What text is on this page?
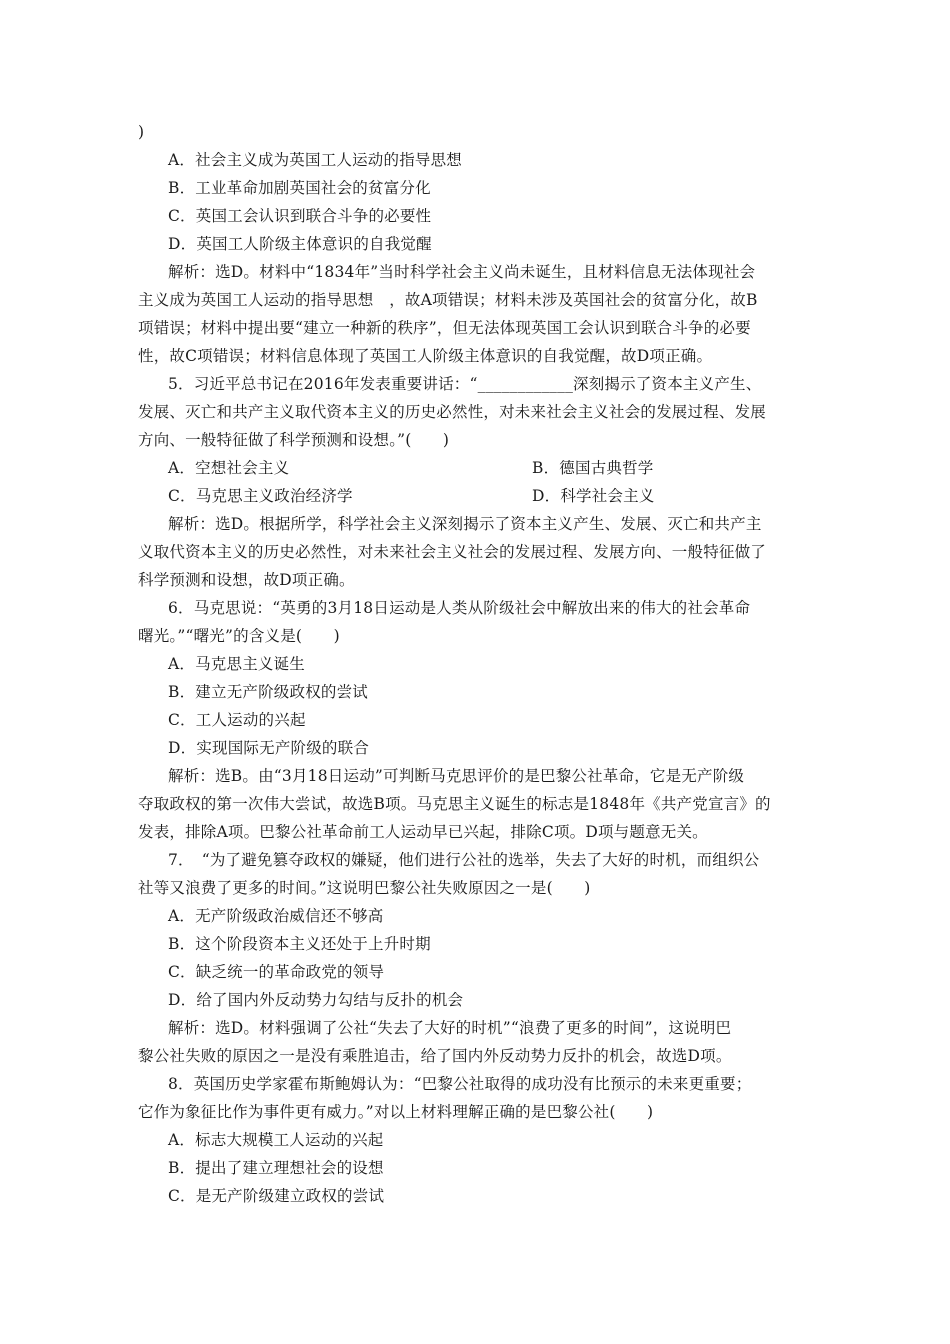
)
A．社会主义成为英国工人运动的指导思想
B．工业革命加剧英国社会的贫富分化
C．英国工会认识到联合斗争的必要性
D．英国工人阶级主体意识的自我觉醒
解析：选D。材料中“1834年”当时科学社会主义尚未诞生，且材料信息无法体现社会
主义成为英国工人运动的指导思想　，故A项错误；材料未涉及英国社会的贫富分化，故B
项错误；材料中提出要“建立一种新的秩序”，但无法体现英国工会认识到联合斗争的必要
性，故C项错误；材料信息体现了英国工人阶级主体意识的自我觉醒，故D项正确。
5．习近平总书记在2016年发表重要讲话：“____________深刻揭示了资本主义产生、
发展、灭亡和共产主义取代资本主义的历史必然性，对未来社会主义社会的发展过程、发展
方向、一般特征做了科学预测和设想。”(　　)
A．空想社会主义	B．德国古典哲学
C．马克思主义政治经济学	D．科学社会主义
解析：选D。根据所学，科学社会主义深刻揭示了资本主义产生、发展、灭亡和共产主
义取代资本主义的历史必然性，对未来社会主义社会的发展过程、发展方向、一般特征做了
科学预测和设想，故D项正确。
6．马克思说：“英勇的3月18日运动是人类从阶级社会中解放出来的伟大的社会革命
曙光。”“曙光”的含义是(　　)
A．马克思主义诞生
B．建立无产阶级政权的尝试
C．工人运动的兴起
D．实现国际无产阶级的联合
解析：选B。由“3月18日运动”可判断马克思评价的是巴黎公社革命，它是无产阶级
夺取政权的第一次伟大尝试，故选B项。马克思主义诞生的标志是1848年《共产党宣言》的
发表，排除A项。巴黎公社革命前工人运动早已兴起，排除C项。D项与题意无关。
7．　“为了避免篡夺政权的嫌疑，他们进行公社的选举，失去了大好的时机，而组织公
社等又浪费了更多的时间。”这说明巴黎公社失败原因之一是(　　)
A．无产阶级政治威信还不够高
B．这个阶段资本主义还处于上升时期
C．缺乏统一的革命政党的领导
D．给了国内外反动势力勾结与反扑的机会
解析：选D。材料强调了公社“失去了大好的时机”“浪费了更多的时间”，这说明巴
黎公社失败的原因之一是没有乘胜追击，给了国内外反动势力反扑的机会，故选D项。
8．英国历史学家霍布斯鲍姆认为：“巴黎公社取得的成功没有比预示的未来更重要；
它作为象征比作为事件更有威力。”对以上材料理解正确的是巴黎公社(　　)
A．标志大规模工人运动的兴起
B．提出了建立理想社会的设想
C．是无产阶级建立政权的尝试
